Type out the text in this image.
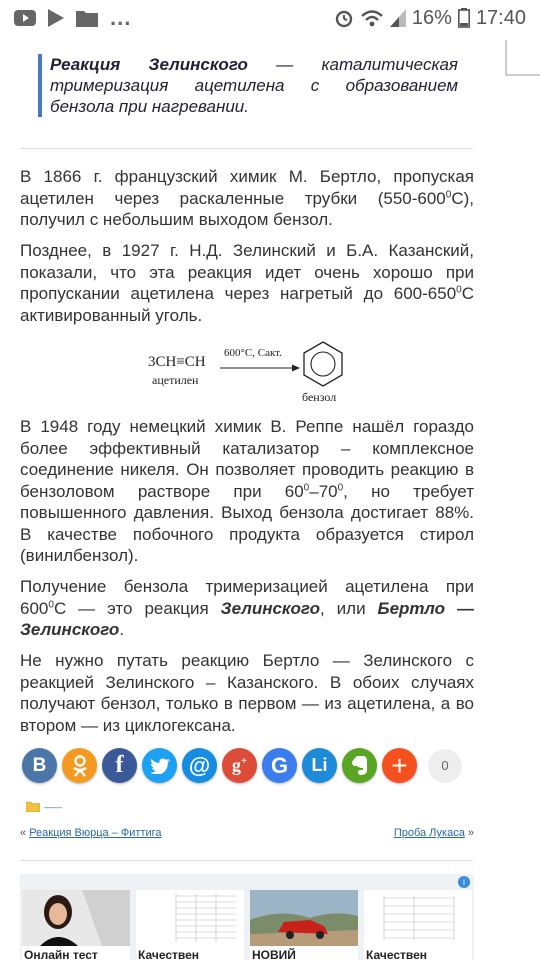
...	16% 17:40
Реакция Зелинского — каталитическая тримеризация ацетилена с образованием бензола при нагревании.
В 1866 г. французский химик М. Бертло, пропуская ацетилен через раскаленные трубки $(550-600^0С)$, получил с небольшим выходом бензол.
Позднее, в 1927 г. Н.Д. Зелинский и Б.А. Казанский, показали, что эта реакция идет очень хорошо при пропускании ацетилена через нагретый до $600-650^0С$ активированный уголь.
3CH≡CH
ацетилен
600°C, Cакт.
бензол
В 1948 году немецкий химик В. Реппе нашёл гораздо более эффективный катализатор – комплексное соединение никеля. Он позволяет проводить реакцию в бензоловом растворе при $60^0-70^0$, но требует повышенного давления. Выход бензола достигает 88%. В качестве побочного продукта образуется стирол (винилбензол).
Получение бензола тримеризацией ацетилена при $600^0С$ — это реакция Зелинского, или Бертло — Зелинского.
Не нужно путать реакцию Бертло — Зелинского с реакцией Зелинского – Казанского. В обоих случаях получают бензол, только в первом — из ацетилена, а во втором — из циклогексана.
В	f	@ g+ G Li +	0
——
« Реакция Вюрца – Фиттига	Проба Лукаса »
i
Онлайн тест	Качествен	НОВИЙ	Качествен
